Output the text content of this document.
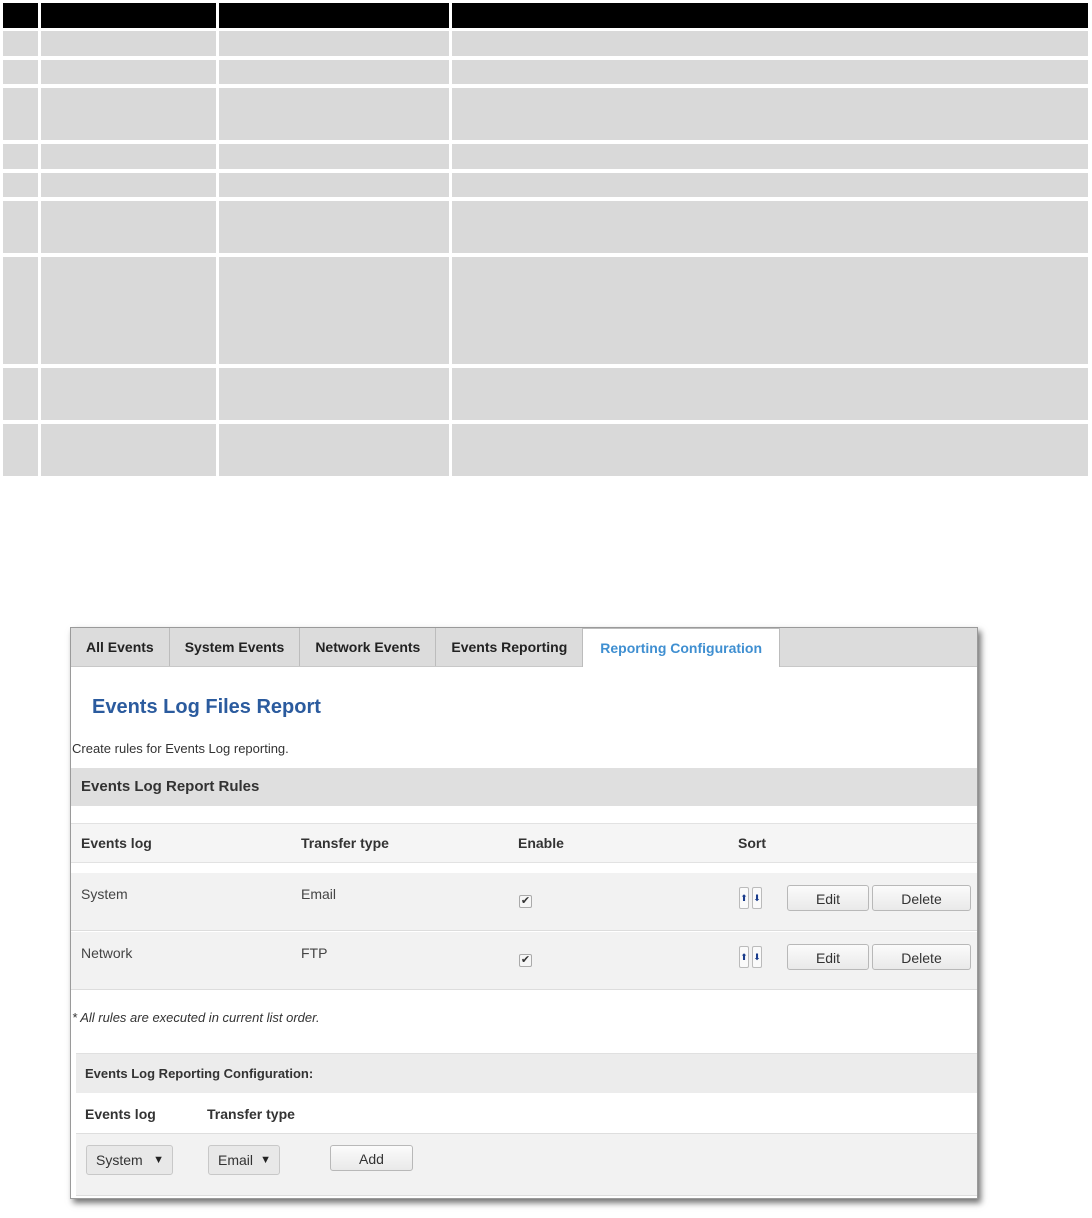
All Events	System Events	Network Events	Events Reporting	Reporting Configuration
Events Log Files Report
Create rules for Events Log reporting.
Events Log Report Rules
Events log	Transfer type	Enable	Sort
System	Email	✔	⬆ ⬇	Edit	Delete
Network	FTP	✔	⬆ ⬇	Edit	Delete
* All rules are executed in current list order.
Events Log Reporting Configuration:
Events log	Transfer type
System ▼	Email ▼	Add
